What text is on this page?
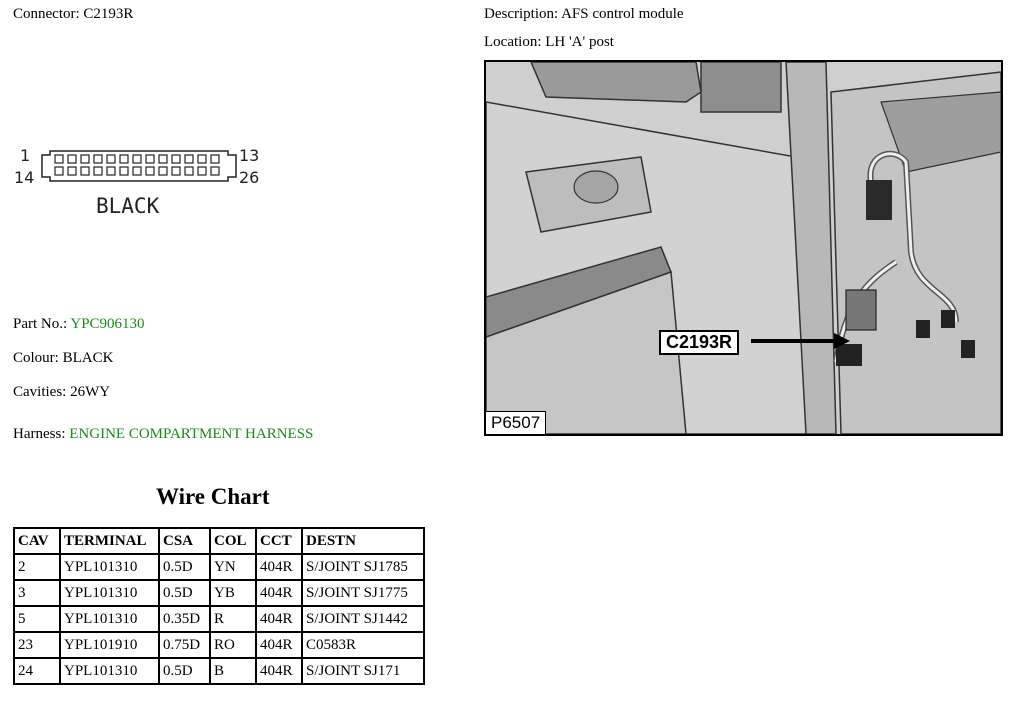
Connector: C2193R	Description: AFS control module
Location: LH 'A' post
1
14
13
26
BLACK
Part No.: YPC906130
Colour: BLACK
Cavities: 26WY
Harness: ENGINE COMPARTMENT HARNESS
Wire Chart
CAV	TERMINAL	CSA	COL	CCT	DESTN
2	YPL101310	0.5D	YN	404R	S/JOINT SJ1785
3	YPL101310	0.5D	YB	404R	S/JOINT SJ1775
5	YPL101310	0.35D	R	404R	S/JOINT SJ1442
23	YPL101910	0.75D	RO	404R	C0583R
24	YPL101310	0.5D	B	404R	S/JOINT SJ171
C2193R
P6507
